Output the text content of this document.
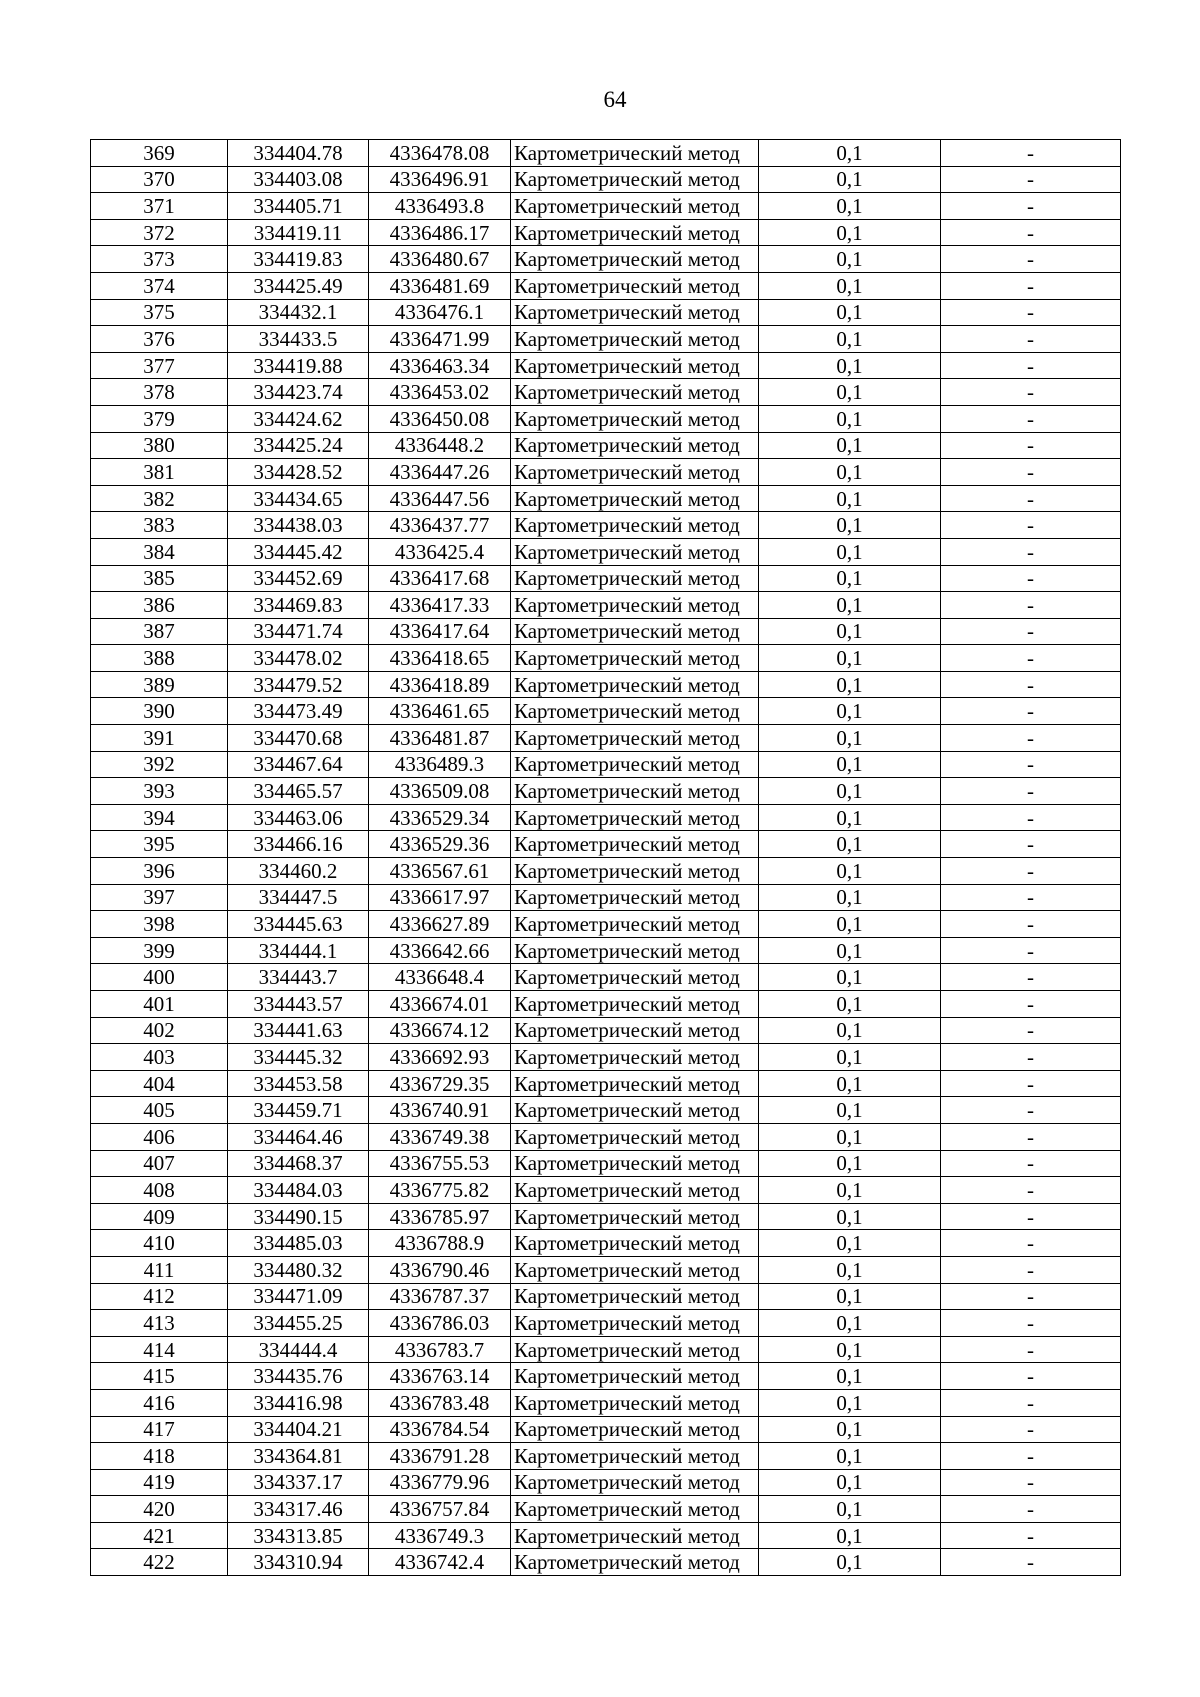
64
369	334404.78	4336478.08	Картометрический метод	0,1	-
370	334403.08	4336496.91	Картометрический метод	0,1	-
371	334405.71	4336493.8	Картометрический метод	0,1	-
372	334419.11	4336486.17	Картометрический метод	0,1	-
373	334419.83	4336480.67	Картометрический метод	0,1	-
374	334425.49	4336481.69	Картометрический метод	0,1	-
375	334432.1	4336476.1	Картометрический метод	0,1	-
376	334433.5	4336471.99	Картометрический метод	0,1	-
377	334419.88	4336463.34	Картометрический метод	0,1	-
378	334423.74	4336453.02	Картометрический метод	0,1	-
379	334424.62	4336450.08	Картометрический метод	0,1	-
380	334425.24	4336448.2	Картометрический метод	0,1	-
381	334428.52	4336447.26	Картометрический метод	0,1	-
382	334434.65	4336447.56	Картометрический метод	0,1	-
383	334438.03	4336437.77	Картометрический метод	0,1	-
384	334445.42	4336425.4	Картометрический метод	0,1	-
385	334452.69	4336417.68	Картометрический метод	0,1	-
386	334469.83	4336417.33	Картометрический метод	0,1	-
387	334471.74	4336417.64	Картометрический метод	0,1	-
388	334478.02	4336418.65	Картометрический метод	0,1	-
389	334479.52	4336418.89	Картометрический метод	0,1	-
390	334473.49	4336461.65	Картометрический метод	0,1	-
391	334470.68	4336481.87	Картометрический метод	0,1	-
392	334467.64	4336489.3	Картометрический метод	0,1	-
393	334465.57	4336509.08	Картометрический метод	0,1	-
394	334463.06	4336529.34	Картометрический метод	0,1	-
395	334466.16	4336529.36	Картометрический метод	0,1	-
396	334460.2	4336567.61	Картометрический метод	0,1	-
397	334447.5	4336617.97	Картометрический метод	0,1	-
398	334445.63	4336627.89	Картометрический метод	0,1	-
399	334444.1	4336642.66	Картометрический метод	0,1	-
400	334443.7	4336648.4	Картометрический метод	0,1	-
401	334443.57	4336674.01	Картометрический метод	0,1	-
402	334441.63	4336674.12	Картометрический метод	0,1	-
403	334445.32	4336692.93	Картометрический метод	0,1	-
404	334453.58	4336729.35	Картометрический метод	0,1	-
405	334459.71	4336740.91	Картометрический метод	0,1	-
406	334464.46	4336749.38	Картометрический метод	0,1	-
407	334468.37	4336755.53	Картометрический метод	0,1	-
408	334484.03	4336775.82	Картометрический метод	0,1	-
409	334490.15	4336785.97	Картометрический метод	0,1	-
410	334485.03	4336788.9	Картометрический метод	0,1	-
411	334480.32	4336790.46	Картометрический метод	0,1	-
412	334471.09	4336787.37	Картометрический метод	0,1	-
413	334455.25	4336786.03	Картометрический метод	0,1	-
414	334444.4	4336783.7	Картометрический метод	0,1	-
415	334435.76	4336763.14	Картометрический метод	0,1	-
416	334416.98	4336783.48	Картометрический метод	0,1	-
417	334404.21	4336784.54	Картометрический метод	0,1	-
418	334364.81	4336791.28	Картометрический метод	0,1	-
419	334337.17	4336779.96	Картометрический метод	0,1	-
420	334317.46	4336757.84	Картометрический метод	0,1	-
421	334313.85	4336749.3	Картометрический метод	0,1	-
422	334310.94	4336742.4	Картометрический метод	0,1	-
